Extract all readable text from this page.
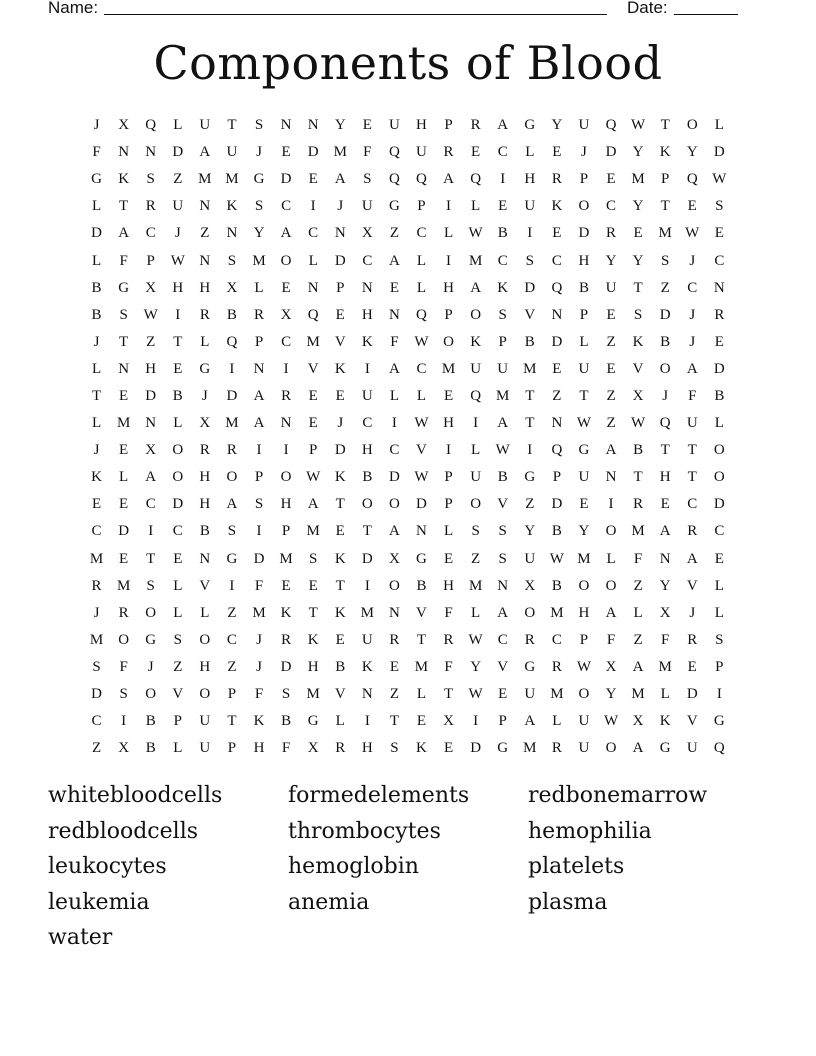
Name:	Date:
Components of Blood
J	X	Q	L	U	T	S	N	N	Y	E	U	H	P	R	A	G	Y	U	Q W	T	O	L
F	N	N	D	A	U	J	E	D M	F	Q	U	R	E	C	L	E	J	D	Y	K	Y	D
G	K	S	Z	M M G	D	E	A	S	Q	Q	A	Q	I	H	R	P	E	M	P	Q W
L	T	R	U	N	K	S	C	I	J	U	G	P	I	L	E	U	K	O	C	Y	T	E	S
D	A	C	J	Z	N	Y	A	C	N	X	Z	C	L	W B	I	E	D	R	E	M W	E
L	F	P	W N	S	M O	L	D	C	A	L	I	M	C	S	C	H	Y	Y	S	J	C
B	G	X	H	H	X	L	E	N	P	N	E	L	H	A	K	D	Q	B	U	T	Z	C	N
B	S	W	I	R	B	R	X	Q	E	H	N	Q	P	O	S	V	N	P	E	S	D	J	R
J	T	Z	T	L	Q	P	C	M V	K	F	W O	K	P	B	D	L	Z	K	B	J	E
L	N	H	E	G	I	N	I	V	K	I	A	C	M U	U M	E	U	E	V	O	A	D
T	E	D	B	J	D	A	R	E	E	U	L	L	E	Q M	T	Z	T	Z	X	J	F	B
L	M N	L	X M A	N	E	J	C	I	W H	I	A	T	N W	Z	W Q	U	L
J	E	X	O	R	R	I	I	P	D	H	C	V	I	L	W	I	Q	G	A	B	T	T	O
K	L	A	O	H	O	P	O W K	B	D W	P	U	B	G	P	U	N	T	H	T	O
E	E	C	D	H	A	S	H	A	T	O	O	D	P	O	V	Z	D	E	I	R	E	C	D
C	D	I	C	B	S	I	P	M	E	T	A	N	L	S	S	Y	B	Y	O M A	R	C
M	E	T	E	N	G	D M	S	K	D	X	G	E	Z	S	U W M	L	F	N	A	E
R	M	S	L	V	I	F	E	E	T	I	O	B	H M N	X	B	O	O	Z	Y	V	L
J	R	O	L	L	Z	M K	T	K M N	V	F	L	A	O M H	A	L	X	J	L
M O	G	S	O	C	J	R	K	E	U	R	T	R W C	R	C	P	F	Z	F	R	S
S	F	J	Z	H	Z	J	D	H	B	K	E	M	F	Y	V	G	R W X	A M	E	P
D	S	O	V	O	P	F	S	M V	N	Z	L	T	W	E	U M O	Y M	L	D	I
C	I	B	P	U	T	K	B	G	L	I	T	E	X	I	P	A	L	U W X	K	V	G
Z	X	B	L	U	P	H	F	X	R	H	S	K	E	D	G M	R	U	O	A	G	U	Q
whitebloodcells	formedelements	redbonemarrow
redbloodcells	thrombocytes	hemophilia
leukocytes	hemoglobin	platelets
leukemia	anemia	plasma
water
